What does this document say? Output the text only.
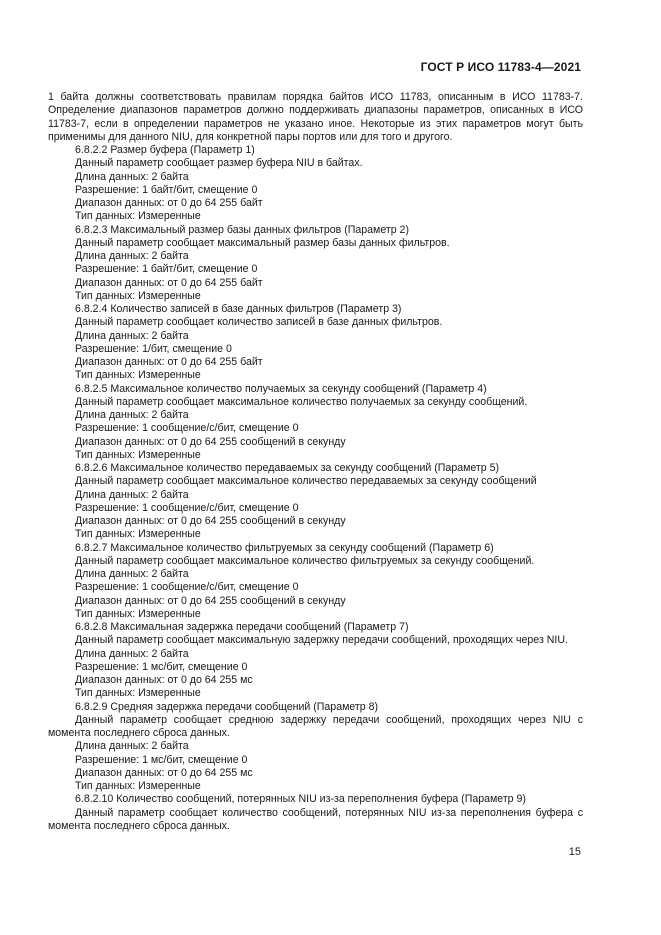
ГОСТ Р ИСО 11783-4—2021

1 байта должны соответствовать правилам порядка байтов ИСО 11783, описанным в ИСО 11783-7. Определение диапазонов параметров должно поддерживать диапазоны параметров, описанных в ИСО 11783-7, если в определении параметров не указано иное. Некоторые из этих параметров могут быть применимы для данного NIU, для конкретной пары портов или для того и другого.

6.8.2.2 Размер буфера (Параметр 1)

Данный параметр сообщает размер буфера NIU в байтах.

Длина данных: 2 байта

Разрешение: 1 байт/бит, смещение 0

Диапазон данных: от 0 до 64 255 байт

Тип данных: Измеренные

6.8.2.3 Максимальный размер базы данных фильтров (Параметр 2)

Данный параметр сообщает максимальный размер базы данных фильтров.

Длина данных: 2 байта

Разрешение: 1 байт/бит, смещение 0

Диапазон данных: от 0 до 64 255 байт

Тип данных: Измеренные

6.8.2.4 Количество записей в базе данных фильтров (Параметр 3)

Данный параметр сообщает количество записей в базе данных фильтров.

Длина данных: 2 байта

Разрешение: 1/бит, смещение 0

Диапазон данных: от 0 до 64 255 байт

Тип данных: Измеренные

6.8.2.5 Максимальное количество получаемых за секунду сообщений (Параметр 4)

Данный параметр сообщает максимальное количество получаемых за секунду сообщений.

Длина данных: 2 байта

Разрешение: 1 сообщение/с/бит, смещение 0

Диапазон данных: от 0 до 64 255 сообщений в секунду

Тип данных: Измеренные

6.8.2.6 Максимальное количество передаваемых за секунду сообщений (Параметр 5)

Данный параметр сообщает максимальное количество передаваемых за секунду сообщений

Длина данных: 2 байта

Разрешение: 1 сообщение/с/бит, смещение 0

Диапазон данных: от 0 до 64 255 сообщений в секунду

Тип данных: Измеренные

6.8.2.7 Максимальное количество фильтруемых за секунду сообщений (Параметр 6)

Данный параметр сообщает максимальное количество фильтруемых за секунду сообщений.

Длина данных: 2 байта

Разрешение: 1 сообщение/с/бит, смещение 0

Диапазон данных: от 0 до 64 255 сообщений в секунду

Тип данных: Измеренные

6.8.2.8 Максимальная задержка передачи сообщений (Параметр 7)

Данный параметр сообщает максимальную задержку передачи сообщений, проходящих через NIU.

Длина данных: 2 байта

Разрешение: 1 мс/бит, смещение 0

Диапазон данных: от 0 до 64 255 мс

Тип данных: Измеренные

6.8.2.9 Средняя задержка передачи сообщений (Параметр 8)

Данный параметр сообщает среднюю задержку передачи сообщений, проходящих через NIU с момента последнего сброса данных.

Длина данных: 2 байта

Разрешение: 1 мс/бит, смещение 0

Диапазон данных: от 0 до 64 255 мс

Тип данных: Измеренные

6.8.2.10 Количество сообщений, потерянных NIU из-за переполнения буфера (Параметр 9)

Данный параметр сообщает количество сообщений, потерянных NIU из-за переполнения буфера с момента последнего сброса данных.

15
